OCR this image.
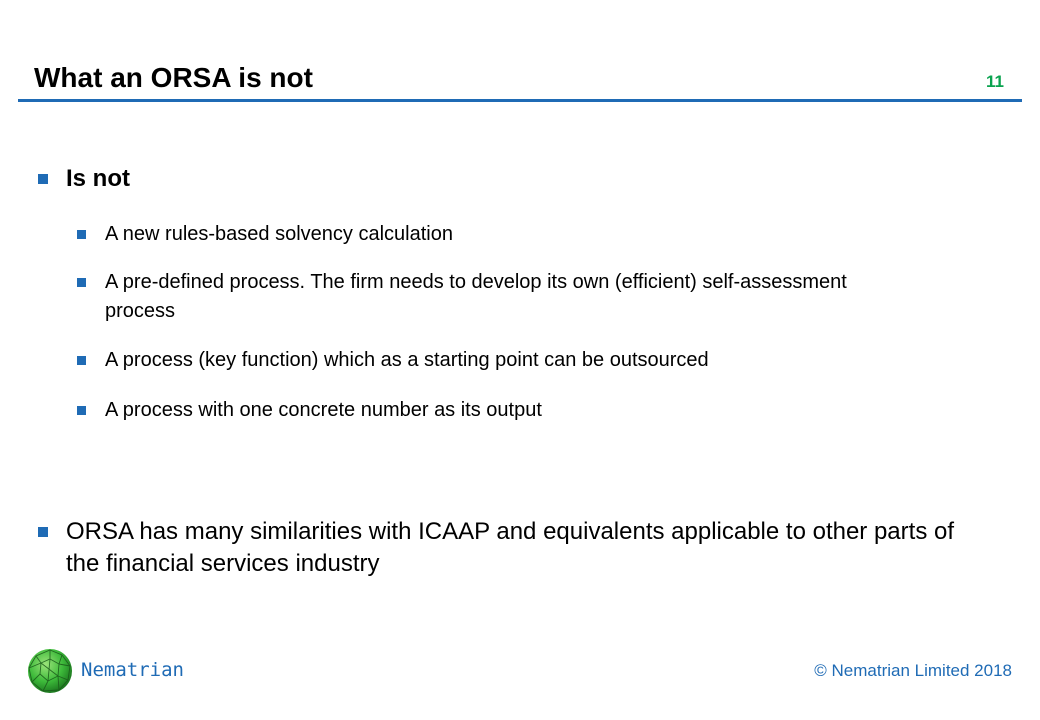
What an ORSA is not	11
Is not
A new rules-based solvency calculation
A pre-defined process. The firm needs to develop its own (efficient) self-assessment process
A process (key function) which as a starting point can be outsourced
A process with one concrete number as its output
ORSA has many similarities with ICAAP and equivalents applicable to other parts of the financial services industry
Nematrian	© Nematrian Limited 2018
